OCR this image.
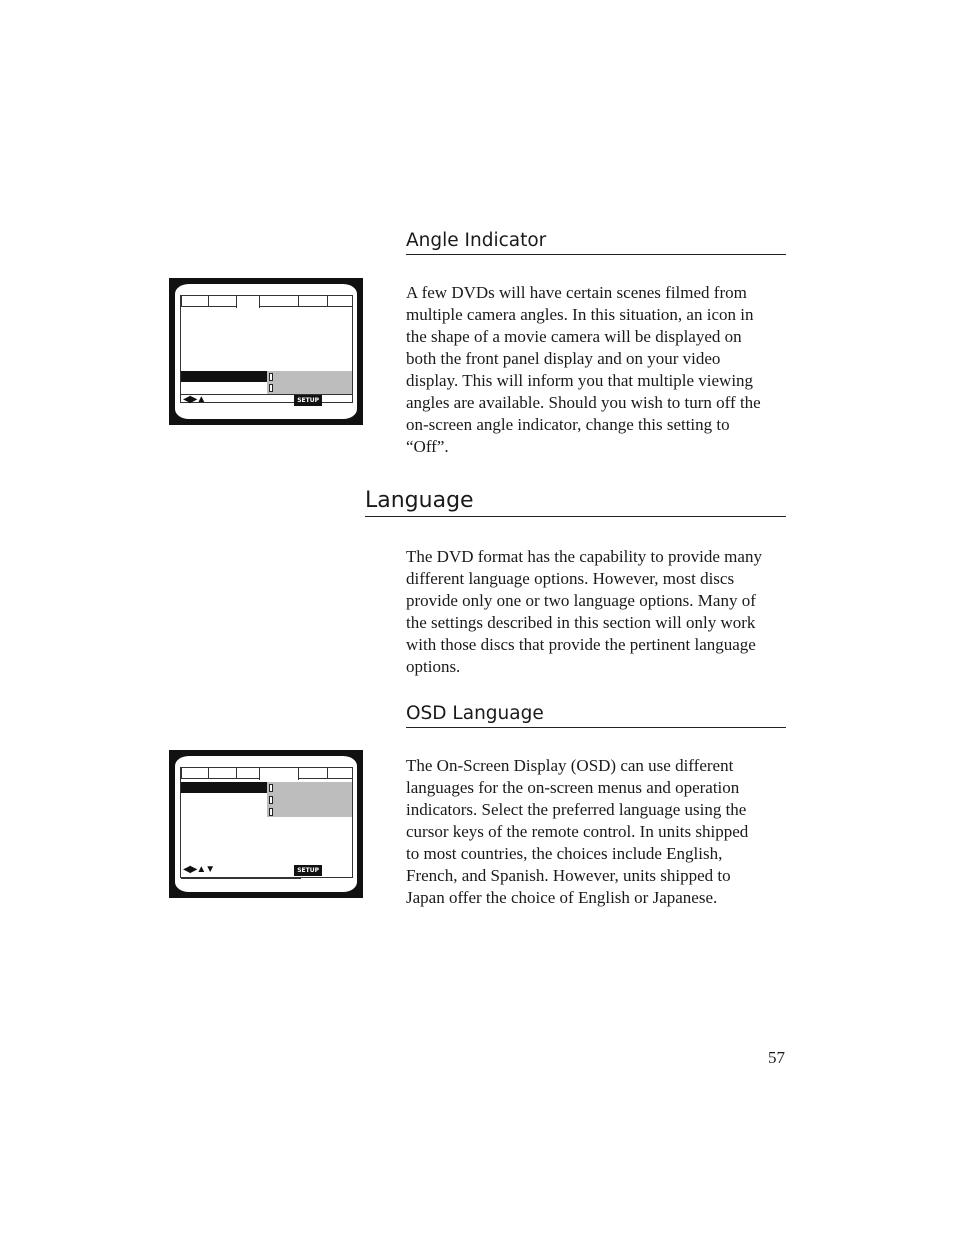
Angle Indicator
A few DVDs will have certain scenes filmed from
multiple camera angles. In this situation, an icon in
the shape of a movie camera will be displayed on
both the front panel display and on your video
display. This will inform you that multiple viewing
angles are available. Should you wish to turn off the
on-screen angle indicator, change this setting to
“Off”.
◀▶▲	SETUP
Language
The DVD format has the capability to provide many
different language options. However, most discs
provide only one or two language options. Many of
the settings described in this section will only work
with those discs that provide the pertinent language
options.
OSD Language
The On-Screen Display (OSD) can use different
languages for the on-screen menus and operation
indicators. Select the preferred language using the
cursor keys of the remote control. In units shipped
to most countries, the choices include English,
French, and Spanish. However, units shipped to
Japan offer the choice of English or Japanese.
◀▶▲▼	SETUP
57
